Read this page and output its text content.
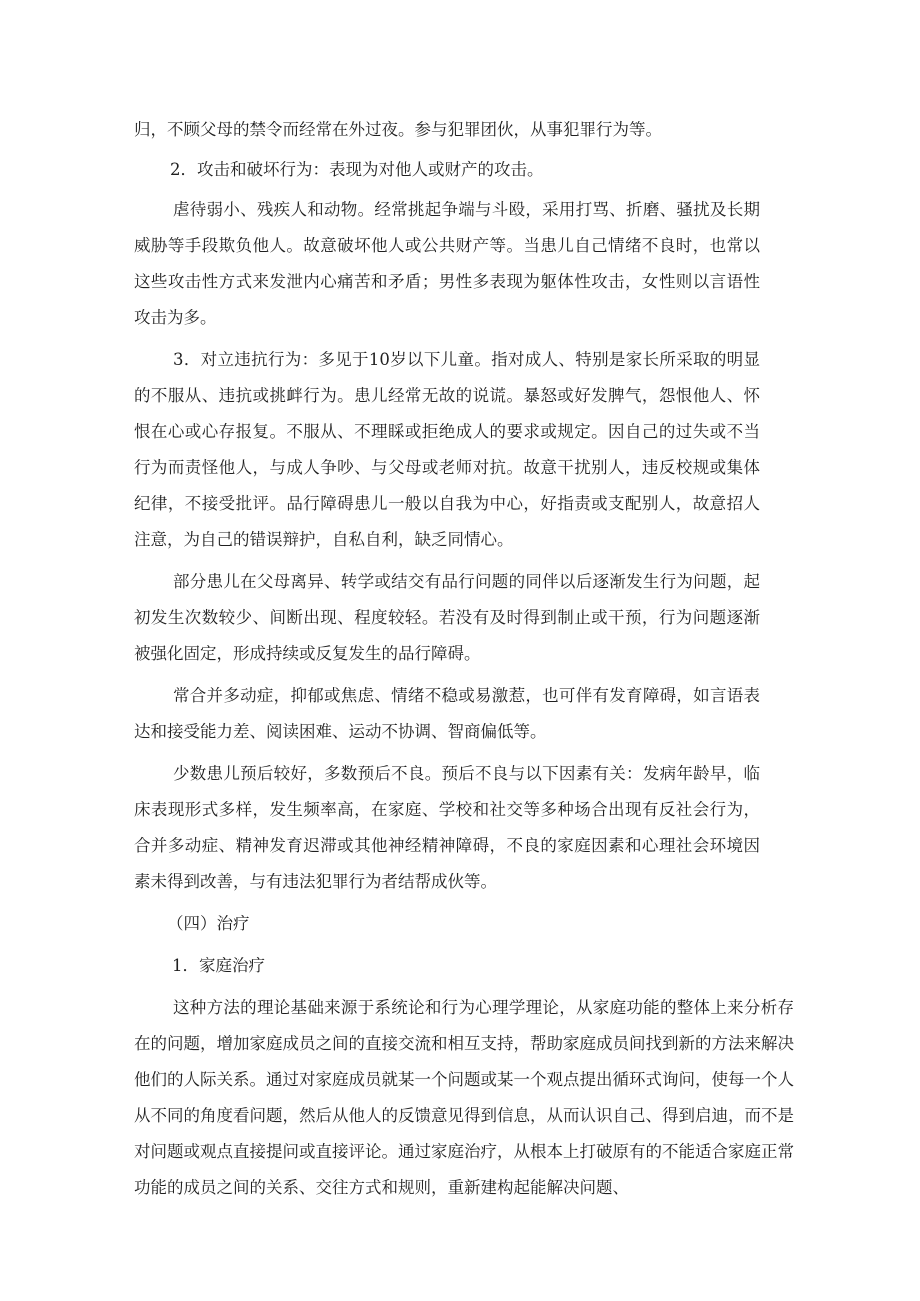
归，不顾父母的禁令而经常在外过夜。参与犯罪团伙，从事犯罪行为等。

2．攻击和破坏行为：表现为对他人或财产的攻击。

虐待弱小、残疾人和动物。经常挑起争端与斗殴，采用打骂、折磨、骚扰及长期威胁等手段欺负他人。故意破坏他人或公共财产等。当患儿自己情绪不良时，也常以这些攻击性方式来发泄内心痛苦和矛盾；男性多表现为躯体性攻击，女性则以言语性攻击为多。

3．对立违抗行为：多见于10岁以下儿童。指对成人、特别是家长所采取的明显的不服从、违抗或挑衅行为。患儿经常无故的说谎。暴怒或好发脾气，怨恨他人、怀恨在心或心存报复。不服从、不理睬或拒绝成人的要求或规定。因自己的过失或不当行为而责怪他人，与成人争吵、与父母或老师对抗。故意干扰别人，违反校规或集体纪律，不接受批评。品行障碍患儿一般以自我为中心，好指责或支配别人，故意招人注意，为自己的错误辩护，自私自利，缺乏同情心。

部分患儿在父母离异、转学或结交有品行问题的同伴以后逐渐发生行为问题，起初发生次数较少、间断出现、程度较轻。若没有及时得到制止或干预，行为问题逐渐被强化固定，形成持续或反复发生的品行障碍。

常合并多动症，抑郁或焦虑、情绪不稳或易激惹，也可伴有发育障碍，如言语表达和接受能力差、阅读困难、运动不协调、智商偏低等。

少数患儿预后较好，多数预后不良。预后不良与以下因素有关：发病年龄早，临床表现形式多样，发生频率高，在家庭、学校和社交等多种场合出现有反社会行为，合并多动症、精神发育迟滞或其他神经精神障碍，不良的家庭因素和心理社会环境因素未得到改善，与有违法犯罪行为者结帮成伙等。

（四）治疗

1．家庭治疗

这种方法的理论基础来源于系统论和行为心理学理论，从家庭功能的整体上来分析存在的问题，增加家庭成员之间的直接交流和相互支持，帮助家庭成员间找到新的方法来解决他们的人际关系。通过对家庭成员就某一个问题或某一个观点提出循环式询问，使每一个人从不同的角度看问题，然后从他人的反馈意见得到信息，从而认识自己、得到启迪，而不是对问题或观点直接提问或直接评论。通过家庭治疗，从根本上打破原有的不能适合家庭正常功能的成员之间的关系、交往方式和规则，重新建构起能解决问题、
